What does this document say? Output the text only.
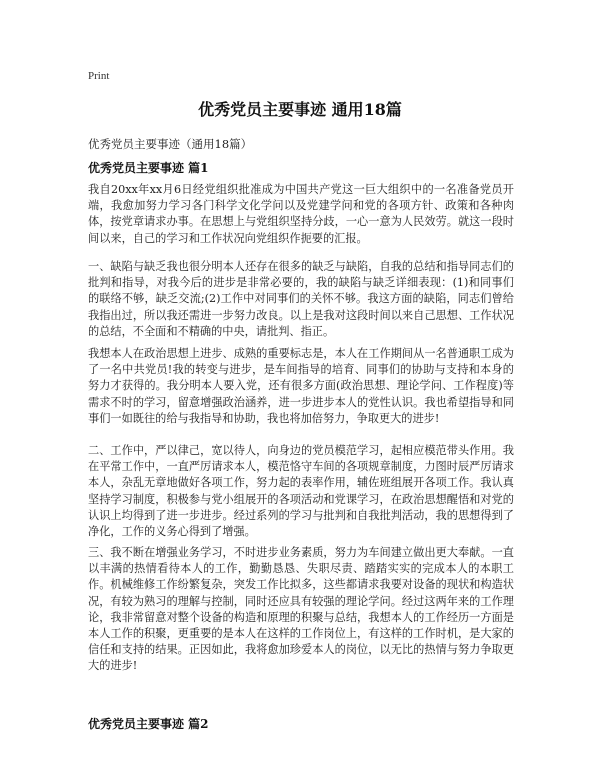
Print
优秀党员主要事迹 通用18篇
优秀党员主要事迹（通用18篇）
优秀党员主要事迹 篇1

我自20xx年xx月6日经党组织批准成为中国共产党这一巨大组织中的一名准备党员开端，我愈加努力学习各门科学文化学问以及党建学问和党的各项方针、政策和各种肉体，按党章请求办事。在思想上与党组织坚持分歧，一心一意为人民效劳。就这一段时间以来，自己的学习和工作状况向党组织作扼要的汇报。

一、缺陷与缺乏我也很分明本人还存在很多的缺乏与缺陷，自我的总结和指导同志们的批判和指导，对我今后的进步是非常必要的，我的缺陷与缺乏详细表现：(1)和同事们的联络不够，缺乏交流;(2)工作中对同事们的关怀不够。我这方面的缺陷，同志们曾给我指出过，所以我还需进一步努力改良。以上是我对这段时间以来自己思想、工作状况的总结，不全面和不精确的中央，请批判、指正。

我想本人在政治思想上进步、成熟的重要标志是，本人在工作期间从一名普通职工成为了一名中共党员!我的转变与进步，是车间指导的培育、同事们的协助与支持和本身的努力才获得的。我分明本人要入党，还有很多方面(政治思想、理论学问、工作程度)等需求不时的学习，留意增强政治涵养，进一步进步本人的党性认识。我也希望指导和同事们一如既往的给与我指导和协助，我也将加倍努力，争取更大的进步!

二、工作中，严以律己，宽以待人，向身边的党员模范学习，起相应模范带头作用。我在平常工作中，一直严厉请求本人，模范恪守车间的各项规章制度，力图时辰严厉请求本人，杂乱无章地做好各项工作，努力起的表率作用，辅佐班组展开各项工作。我认真坚持学习制度，积极参与党小组展开的各项活动和党课学习，在政治思想醒悟和对党的认识上均得到了进一步进步。经过系列的学习与批判和自我批判活动，我的思想得到了净化，工作的义务心得到了增强。

三、我不断在增强业务学习，不时进步业务素质，努力为车间建立做出更大奉献。一直以丰满的热情看待本人的工作，勤勤恳恳、失职尽责、踏踏实实的完成本人的本职工作。机械维修工作纷繁复杂，突发工作比拟多，这些都请求我要对设备的现状和构造状况，有较为熟习的理解与控制，同时还应具有较强的理论学问。经过这两年来的工作理论，我非常留意对整个设备的构造和原理的积聚与总结，我想本人的工作经历一方面是本人工作的积聚，更重要的是本人在这样的工作岗位上，有这样的工作时机，是大家的信任和支持的结果。正因如此，我将愈加珍爱本人的岗位，以无比的热情与努力争取更大的进步!

优秀党员主要事迹 篇2
